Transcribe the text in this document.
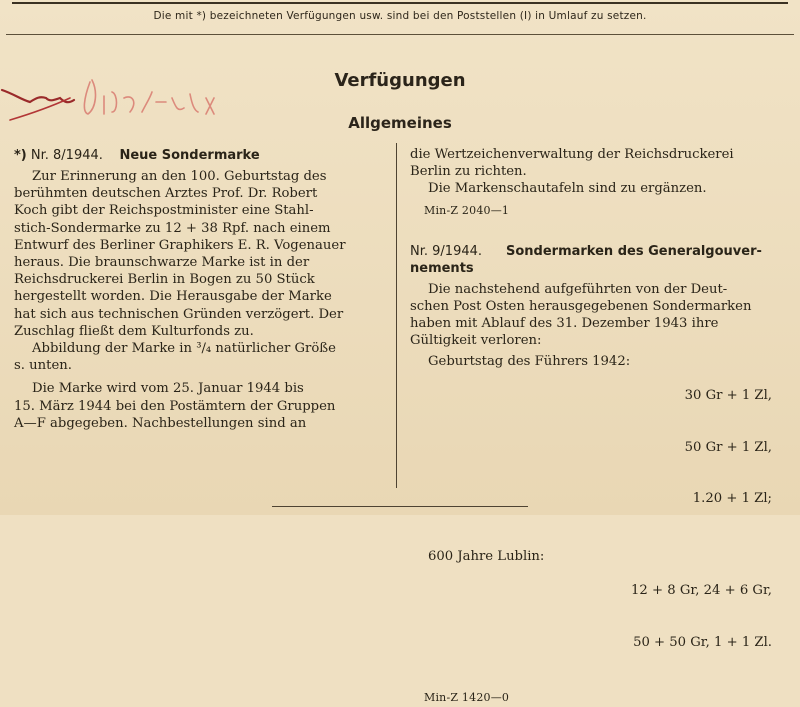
Die mit *) bezeichneten Verfügungen usw. sind bei den Poststellen (I) in Umlauf zu setzen.
Verw. Olsch. 8/2
Verfügungen
Allgemeines
*) Nr. 8/1944. Neue Sondermarke
Zur Erinnerung an den 100. Geburtstag des
berühmten deutschen Arztes Prof. Dr. Robert
Koch gibt der Reichspostminister eine Stahl-
stich-Sondermarke zu 12 + 38 Rpf. nach einem
Entwurf des Berliner Graphikers E. R. Vogenauer
heraus. Die braunschwarze Marke ist in der
Reichsdruckerei Berlin in Bogen zu 50 Stück
hergestellt worden. Die Herausgabe der Marke
hat sich aus technischen Gründen verzögert. Der
Zuschlag fließt dem Kulturfonds zu.
Abbildung der Marke in ³/₄ natürlicher Größe
s. unten.
Die Marke wird vom 25. Januar 1944 bis
15. März 1944 bei den Postämtern der Gruppen
A—F abgegeben. Nachbestellungen sind an
die Wertzeichenverwaltung der Reichsdruckerei
Berlin zu richten.
Die Markenschautafeln sind zu ergänzen.
Min-Z 2040—1
Nr. 9/1944.	Sondermarken des Generalgouver-
nements
Die nachstehend aufgeführten von der Deut-
schen Post Osten herausgegebenen Sondermarken
haben mit Ablauf des 31. Dezember 1943 ihre
Gültigkeit verloren:
Geburtstag des Führers 1942:

30 Gr + 1 Zl,

50 Gr + 1 Zl,

1.20 + 1 Zl;

600 Jahre Lublin:

12 + 8 Gr, 24 + 6 Gr,

50 + 50 Gr, 1 + 1 Zl.

Min-Z 1420—0
